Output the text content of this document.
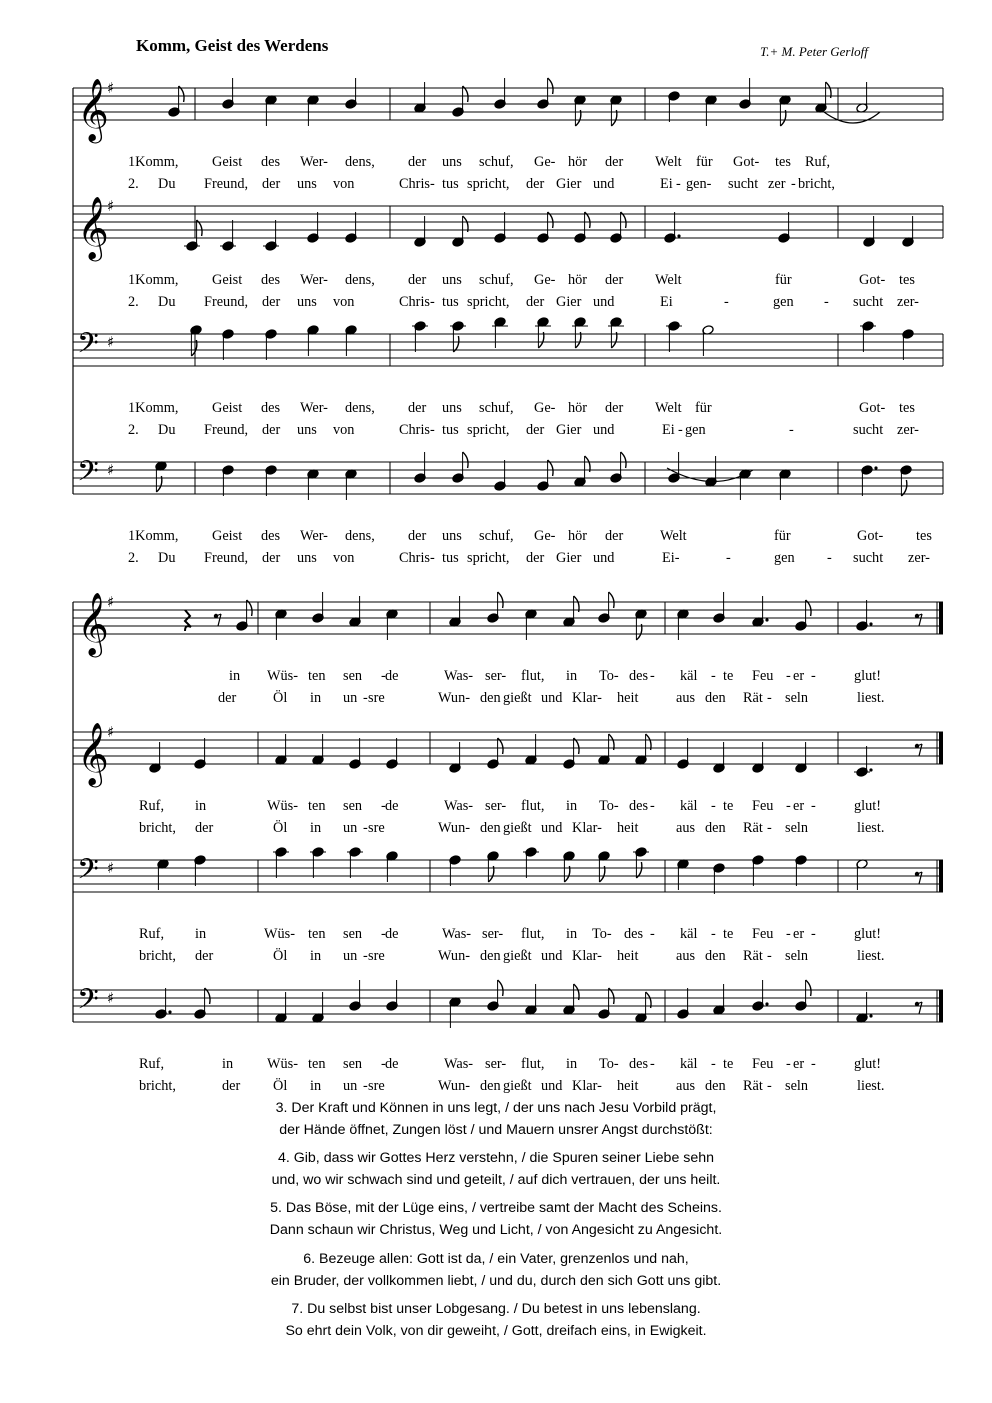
Komm, Geist des Werdens	T.+ M. Peter Gerloff
𝄞
♯
𝄞
♯
𝄢 ♯
𝄢 ♯
𝄞
♯
𝄞
♯
𝄢 ♯
𝄢 ♯
1Komm, Geist des Wer- dens, der uns schuf, Ge- hör der Welt für Got- tes Ruf,
2. Du Freund, der uns von	Chris- tus spricht, der Gier und	Ei - gen- sucht zer - bricht,
1Komm, Geist des Wer- dens, der uns schuf, Ge- hör der Welt	für	Got- tes
2. Du Freund, der uns von	Chris- tus spricht, der Gier und	Ei	-	gen - sucht zer-
1Komm, Geist des Wer- dens, der uns schuf, Ge- hör der Welt für	Got- tes
2. Du Freund, der uns von	Chris- tus spricht, der Gier und	Ei - gen	-	sucht zer-
1Komm, Geist des Wer- dens, der uns schuf, Ge- hör der	Welt	für	Got- tes
2. Du Freund, der uns von	Chris- tus spricht, der Gier und	Ei-	-	gen - sucht zer-
in Wüs- ten sen - de	Was- ser- flut, in To- des - käl - te Feu - er -	glut!
der	Öl in un - sre	Wun- den gießt und Klar- heit	aus den Rät - seln	liest.
Ruf, in	Wüs- ten sen - de	Was- ser- flut, in To- des - käl - te Feu - er -	glut!
bricht, der	Öl in un - sre	Wun- den gießt und Klar- heit	aus den Rät - seln	liest.
Ruf, in	Wüs- ten sen - de	Was- ser- flut, in To- des - käl - te Feu - er -	glut!
bricht, der	Öl in un - sre	Wun- den gießt und Klar- heit	aus den Rät - seln	liest.
Ruf,	in Wüs- ten sen - de	Was- ser- flut, in To- des - käl - te Feu - er -	glut!
bricht,	der Öl in un - sre	Wun- den gießt und Klar- heit	aus den Rät - seln	liest.
3. Der Kraft und Können in uns legt, / der uns nach Jesu Vorbild prägt,
der Hände öffnet, Zungen löst / und Mauern unsrer Angst durchstößt:
4. Gib, dass wir Gottes Herz verstehn, / die Spuren seiner Liebe sehn
und, wo wir schwach sind und geteilt, / auf dich vertrauen, der uns heilt.
5. Das Böse, mit der Lüge eins, / vertreibe samt der Macht des Scheins.
Dann schaun wir Christus, Weg und Licht, / von Angesicht zu Angesicht.
6. Bezeuge allen: Gott ist da, / ein Vater, grenzenlos und nah,
ein Bruder, der vollkommen liebt, / und du, durch den sich Gott uns gibt.
7. Du selbst bist unser Lobgesang. / Du betest in uns lebenslang.
So ehrt dein Volk, von dir geweiht, / Gott, dreifach eins, in Ewigkeit.
